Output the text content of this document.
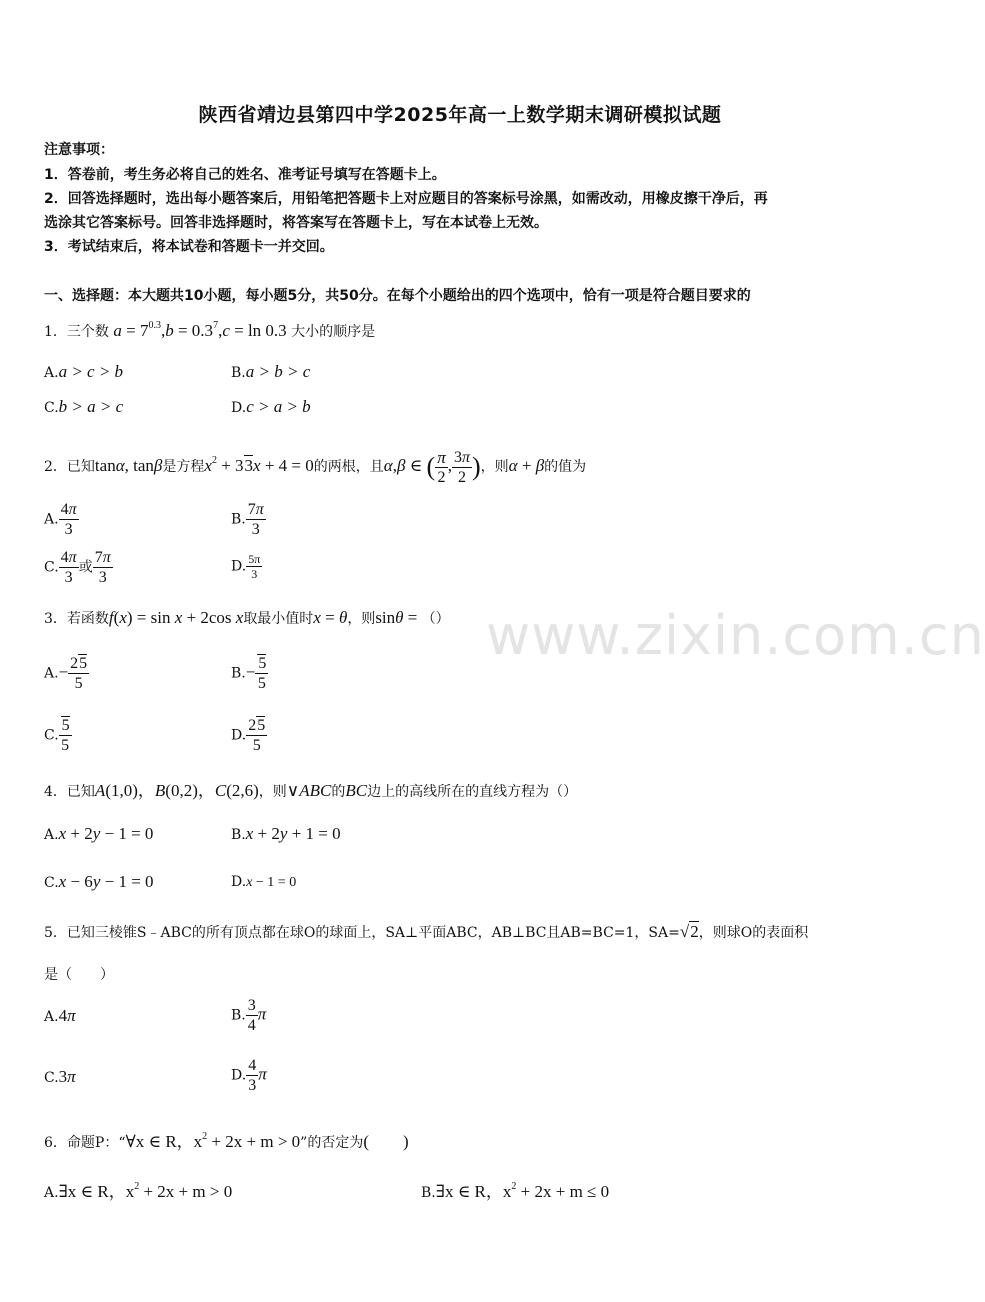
陕西省靖边县第四中学2025年高一上数学期末调研模拟试题
注意事项：
1．答卷前，考生务必将自己的姓名、准考证号填写在答题卡上。
2．回答选择题时，选出每小题答案后，用铅笔把答题卡上对应题目的答案标号涂黑，如需改动，用橡皮擦干净后，再
选涂其它答案标号。回答非选择题时，将答案写在答题卡上，写在本试卷上无效。
3．考试结束后，将本试卷和答题卡一并交回。
一、选择题：本大题共10小题，每小题5分，共50分。在每个小题给出的四个选项中，恰有一项是符合题目要求的
www.zixin.com.cn
1．三个数 $a = 7^{0.3},b = 0.3^7,c = \ln 0.3$ 大小的顺序是
A.a > c > b	B.a > b > c
C.b > a > c	D.c > a > b
2．已知tanα, tanβ是方程$x^2 + 33x + 4 = 0$的两根，且α,β ∈ ( $\frac{\pi}{2}$ , $\frac{3\pi}{2}$ )，则α + β的值为
A. $\frac{4\pi}{3}$	B. $\frac{7\pi}{3}$
C. $\frac{4\pi}{3}$ 或 $\frac{7\pi}{3}$	D. $\frac{5\pi}{3}$
3．若函数f(x) = sin x + 2cos x取最小值时x = θ，则sinθ = （）
$A.- \frac{25}{5}$	$B.- \frac{5}{5}$
C. $\frac{5}{5}$	D. $\frac{25}{5}$
4．已知A(1,0)，B(0,2)，C(2,6)，则∨ABC的BC边上的高线所在的直线方程为（）
A.x + 2y − 1 = 0	B.x + 2y + 1 = 0
C.x − 6y − 1 = 0	D.x − 1 = 0
5．已知三棱锥S﹣ABC的所有顶点都在球O的球面上，SA⊥平面ABC，AB⊥BC且AB=BC=1，SA=√2，则球O的表面积
是（　　）
A.4π	B. $\frac{3}{4}$ π
C.3π	D. $\frac{4}{3}$ π
6．命题P：“∀x ∈ R，$x^2 + 2x + m > 0$”的否定为(　　)
A.∃x ∈ R，$x^2 + 2x + m > 0$	B.∃x ∈ R，$x^2 + 2x + m \le 0$
